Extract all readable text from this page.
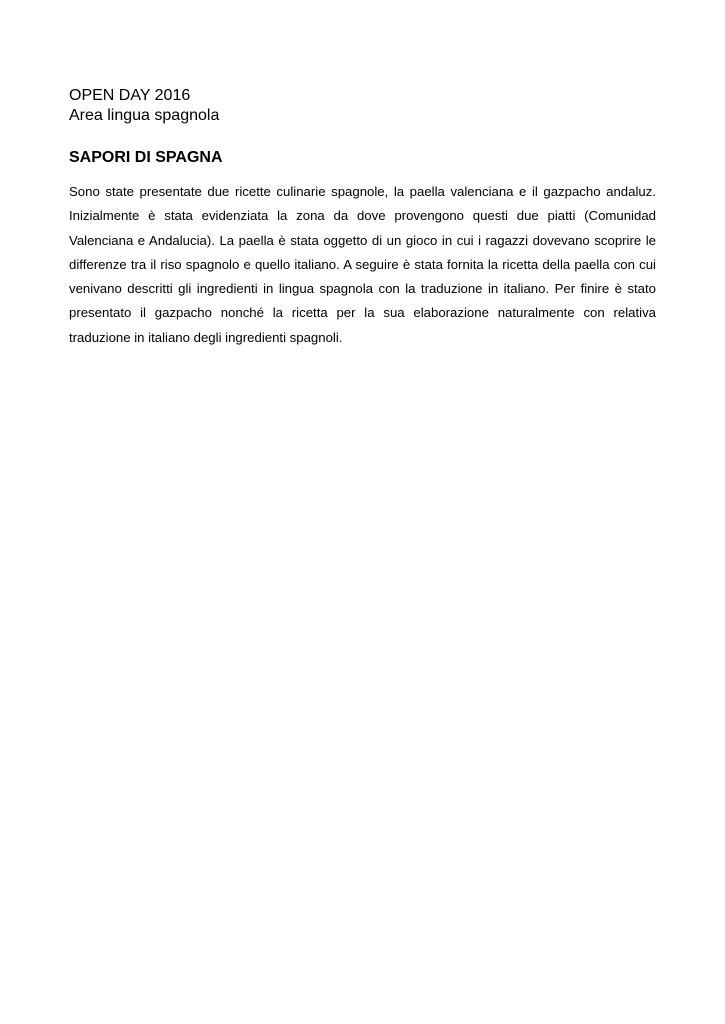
OPEN DAY 2016

Area lingua spagnola

SAPORI DI SPAGNA

Sono state presentate due ricette culinarie spagnole, la paella valenciana e il gazpacho andaluz. Inizialmente è stata evidenziata la zona da dove provengono questi due piatti (Comunidad Valenciana e Andalucia). La paella è stata oggetto di un gioco in cui i ragazzi dovevano scoprire le differenze tra il riso spagnolo e quello italiano. A seguire è stata fornita la ricetta della paella con cui venivano descritti gli ingredienti in lingua spagnola con la traduzione in italiano. Per finire è stato presentato il gazpacho nonché la ricetta per la sua elaborazione naturalmente con relativa traduzione in italiano degli ingredienti spagnoli.
